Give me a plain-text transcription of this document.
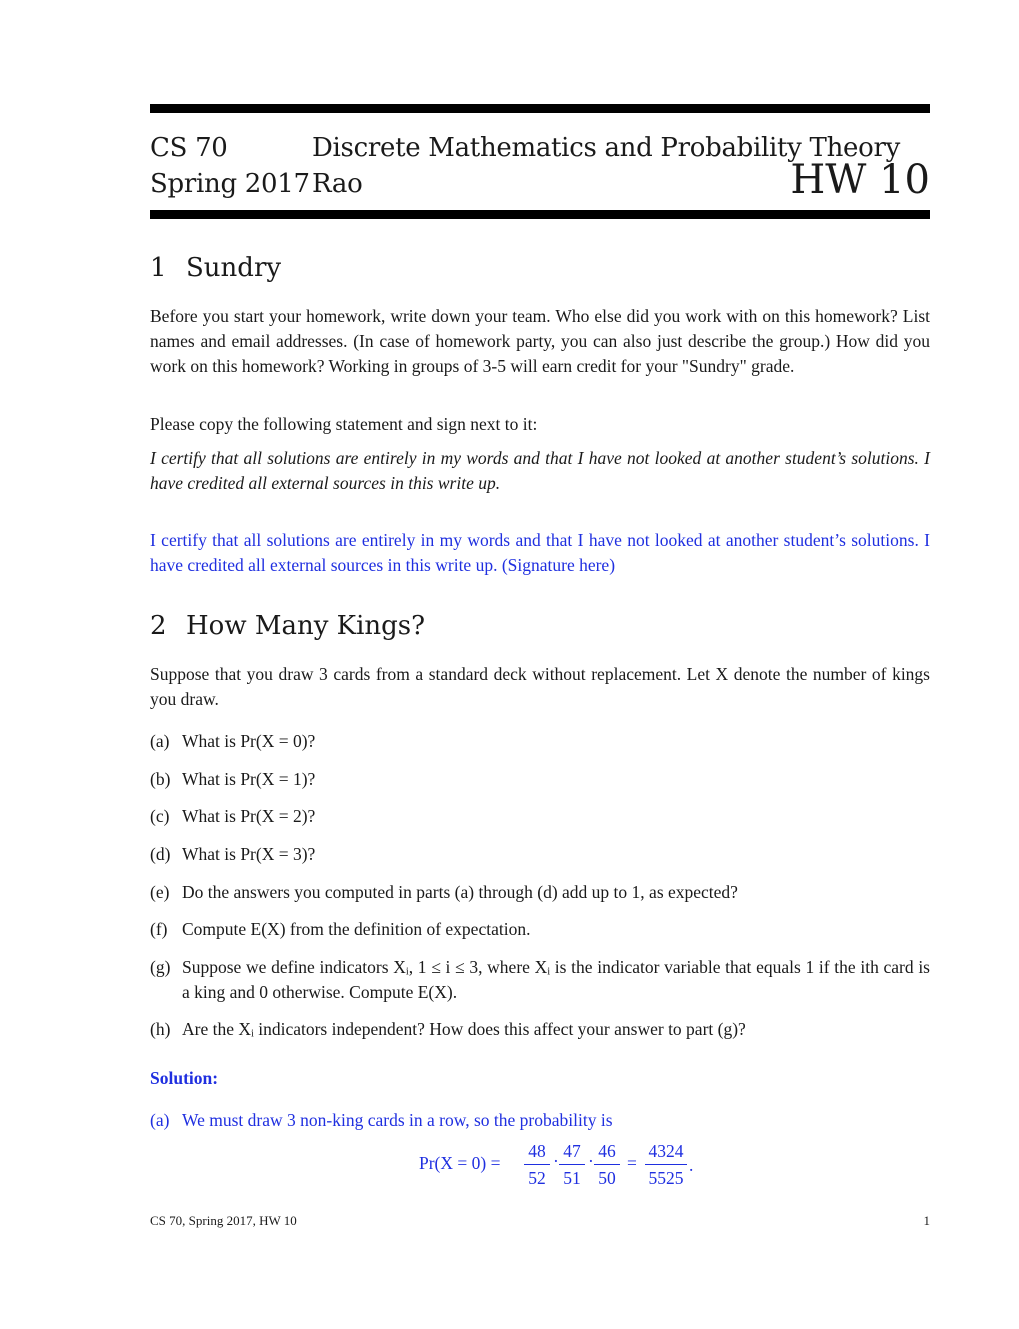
CS 70	Discrete Mathematics and Probability Theory
Spring 2017 Rao	HW 10
1 Sundry
Before you start your homework, write down your team. Who else did you work with on this homework? List names and email addresses. (In case of homework party, you can also just describe the group.) How did you work on this homework? Working in groups of 3-5 will earn credit for your "Sundry" grade.
Please copy the following statement and sign next to it:
I certify that all solutions are entirely in my words and that I have not looked at another student’s solutions. I have credited all external sources in this write up.
I certify that all solutions are entirely in my words and that I have not looked at another student’s solutions. I have credited all external sources in this write up. (Signature here)
2 How Many Kings?
Suppose that you draw 3 cards from a standard deck without replacement. Let X denote the number of kings you draw.
(a) What is Pr(X = 0)?
(b) What is Pr(X = 1)?
(c) What is Pr(X = 2)?
(d) What is Pr(X = 3)?
(e) Do the answers you computed in parts (a) through (d) add up to 1, as expected?
(f) Compute E(X) from the definition of expectation.
(g) Suppose we define indicators Xᵢ, 1 ≤ i ≤ 3, where Xᵢ is the indicator variable that equals 1 if the ith card is a king and 0 otherwise. Compute E(X).
(h) Are the Xᵢ indicators independent? How does this affect your answer to part (g)?
Solution:
(a) We must draw 3 non-king cards in a row, so the probability is
Pr(X = 0) =
48
52
· 47
51
· 46
50
=
4324
5525
.
CS 70, Spring 2017, HW 10	1
